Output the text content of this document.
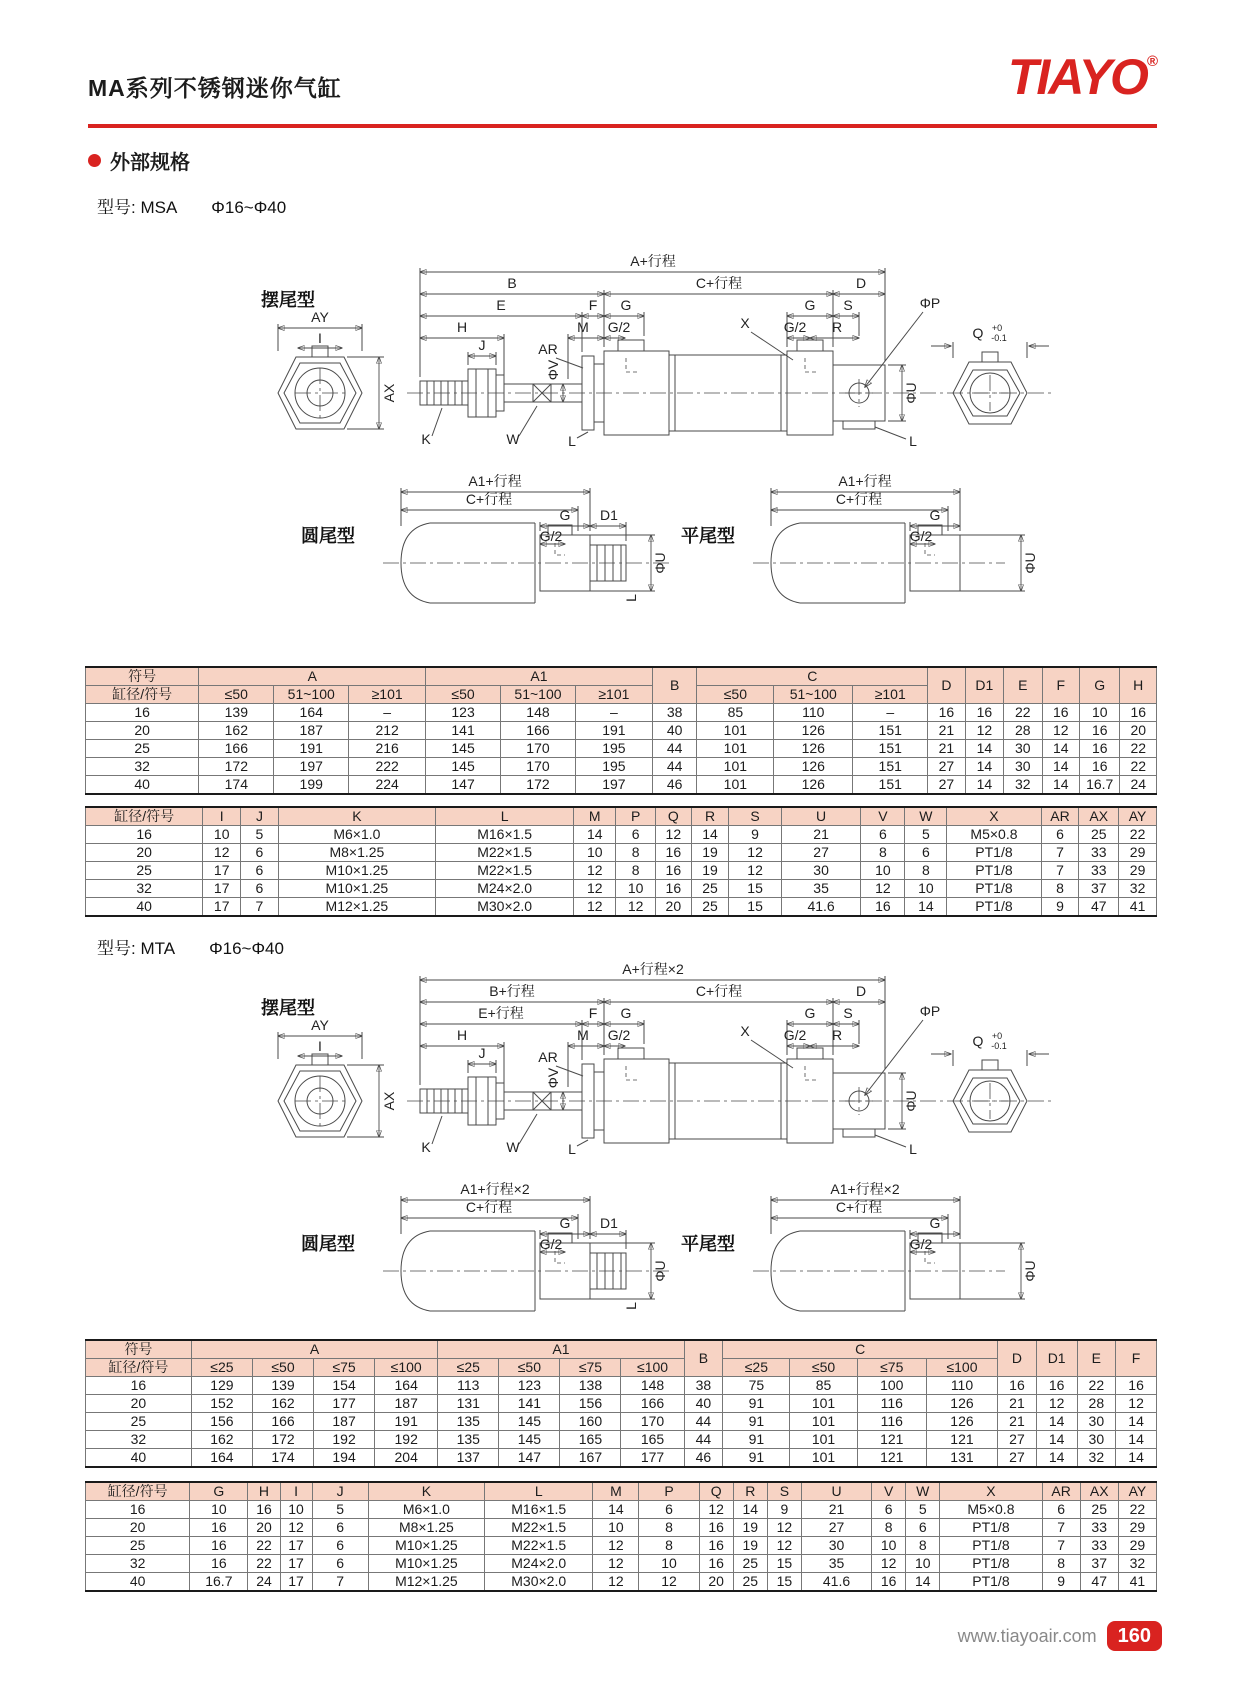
MA系列不锈钢迷你气缸	TIAYO®
外部规格
型号: MSA Φ16~Φ40
摆尾型
AY
I
AX
A+行程
B	C+行程	D
E	F G	G S
H	M G/2	G/2 R
J
ΦV
AR
X
ΦP
ΦU
K	W	L	L
Q +0
-0.1
圆尾型
A1+行程
C+行程
G D1
G/2
L
ΦU
平尾型
A1+行程
C+行程
G
G/2
ΦU
符号	A			A1			B	C			D	D1	E	F	G	H
缸径/符号	≤50	51~100	≥101	≤50	51~100	≥101		≤50	51~100	≥101						
16	139	164	–	123	148	–	38	85	110	–	16	16	22	16	10	16
20	162	187	212	141	166	191	40	101	126	151	21	12	28	12	16	20
25	166	191	216	145	170	195	44	101	126	151	21	14	30	14	16	22
32	172	197	222	145	170	195	44	101	126	151	27	14	30	14	16	22
40	174	199	224	147	172	197	46	101	126	151	27	14	32	14	16.7	24
缸径/符号	I	J	K	L	M	P	Q	R	S	U	V	W	X	AR	AX	AY
16	10	5	M6×1.0	M16×1.5	14	6	12	14	9	21	6	5	M5×0.8	6	25	22
20	12	6	M8×1.25	M22×1.5	10	8	16	19	12	27	8	6	PT1/8	7	33	29
25	17	6	M10×1.25	M22×1.5	12	8	16	19	12	30	10	8	PT1/8	7	33	29
32	17	6	M10×1.25	M24×2.0	12	10	16	25	15	35	12	10	PT1/8	8	37	32
40	17	7	M12×1.25	M30×2.0	12	12	20	25	15	41.6	16	14	PT1/8	9	47	41
型号: MTA Φ16~Φ40
摆尾型
AY
I
AX
A+行程×2
B+行程	C+行程	D
E+行程	F G	G S
H	M G/2	G/2 R
J
ΦV
AR
X
ΦP
ΦU
K	W	L	L
Q +0
-0.1
圆尾型
A1+行程×2
C+行程
G D1
G/2
L
ΦU
平尾型
A1+行程×2
C+行程
G
G/2
ΦU
符号	A				A1				B	C				D	D1	E	F
缸径/符号	≤25	≤50	≤75	≤100	≤25	≤50	≤75	≤100		≤25	≤50	≤75	≤100				
16	129	139	154	164	113	123	138	148	38	75	85	100	110	16	16	22	16
20	152	162	177	187	131	141	156	166	40	91	101	116	126	21	12	28	12
25	156	166	187	191	135	145	160	170	44	91	101	116	126	21	14	30	14
32	162	172	192	192	135	145	165	165	44	91	101	121	121	27	14	30	14
40	164	174	194	204	137	147	167	177	46	91	101	121	131	27	14	32	14
缸径/符号	G	H	I	J	K	L	M	P	Q	R	S	U	V	W	X	AR	AX	AY
16	10	16	10	5	M6×1.0	M16×1.5	14	6	12	14	9	21	6	5	M5×0.8	6	25	22
20	16	20	12	6	M8×1.25	M22×1.5	10	8	16	19	12	27	8	6	PT1/8	7	33	29
25	16	22	17	6	M10×1.25	M22×1.5	12	8	16	19	12	30	10	8	PT1/8	7	33	29
32	16	22	17	6	M10×1.25	M24×2.0	12	10	16	25	15	35	12	10	PT1/8	8	37	32
40	16.7	24	17	7	M12×1.25	M30×2.0	12	12	20	25	15	41.6	16	14	PT1/8	9	47	41
www.tiayoair.com	160
